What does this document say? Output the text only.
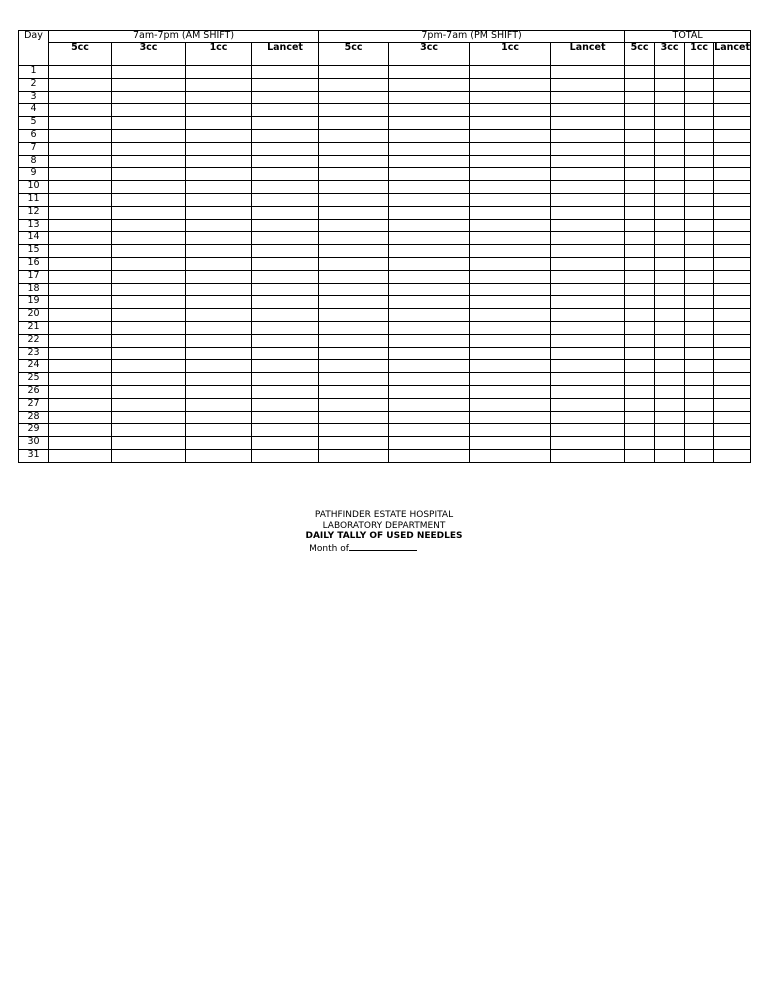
Day	7am-7pm (AM SHIFT)				7pm-7am (PM SHIFT)				TOTAL			
	5cc	3cc	1cc	Lancet	5cc	3cc	1cc	Lancet	5cc	3cc	1cc	Lancet
1												
2												
3												
4												
5												
6												
7												
8												
9												
10												
11												
12												
13												
14												
15												
16												
17												
18												
19												
20												
21												
22												
23												
24												
25												
26												
27												
28												
29												
30												
31												
PATHFINDER ESTATE HOSPITAL
LABORATORY DEPARTMENT
DAILY TALLY OF USED NEEDLES
Month of
